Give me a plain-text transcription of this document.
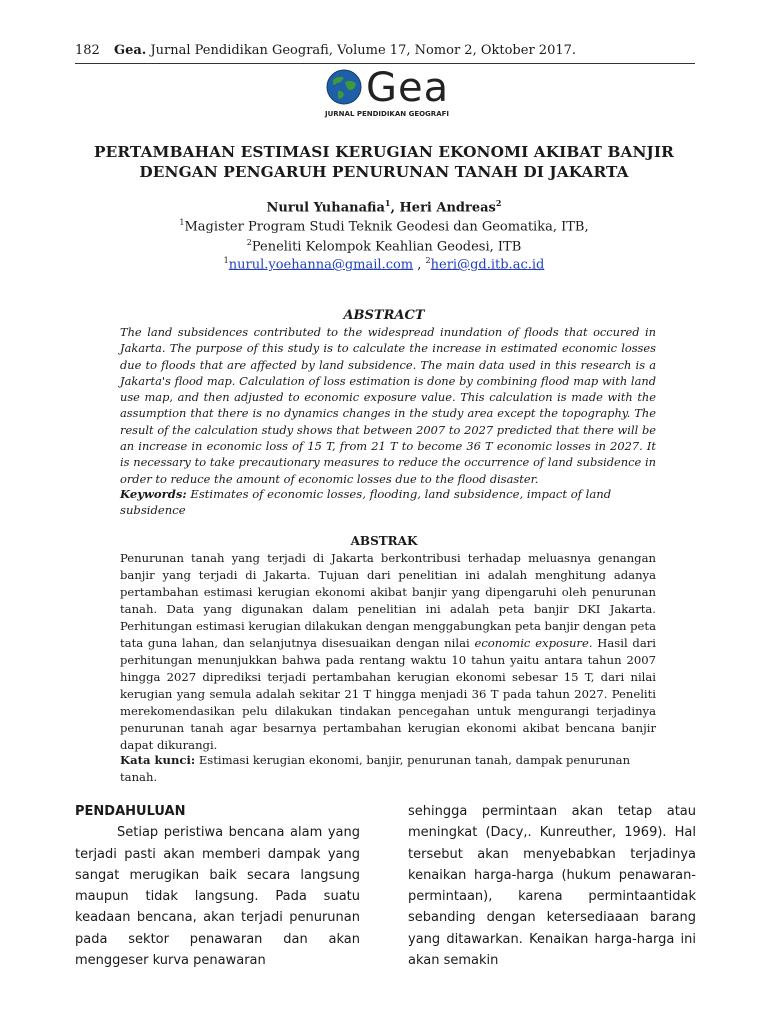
182 Gea. Jurnal Pendidikan Geografi, Volume 17, Nomor 2, Oktober 2017.
Gea
JURNAL PENDIDIKAN GEOGRAFI
PERTAMBAHAN ESTIMASI KERUGIAN EKONOMI AKIBAT BANJIR
DENGAN PENGARUH PENURUNAN TANAH DI JAKARTA
Nurul Yuhanafia$^1$, Heri Andreas$^2$
$^1$Magister Program Studi Teknik Geodesi dan Geomatika, ITB,
$^2$Peneliti Kelompok Keahlian Geodesi, ITB
$^1$nurul.yoehanna@gmail.com , $^2$heri@gd.itb.ac.id
ABSTRACT
The land subsidences contributed to the widespread inundation of floods that occured in Jakarta. The purpose of this study is to calculate the increase in estimated economic losses due to floods that are affected by land subsidence. The main data used in this research is a Jakarta's flood map. Calculation of loss estimation is done by combining flood map with land use map, and then adjusted to economic exposure value. This calculation is made with the assumption that there is no dynamics changes in the study area except the topography. The result of the calculation study shows that between 2007 to 2027 predicted that there will be an increase in economic loss of 15 T, from 21 T to become 36 T economic losses in 2027. It is necessary to take precautionary measures to reduce the occurrence of land subsidence in order to reduce the amount of economic losses due to the flood disaster.
Keywords: Estimates of economic losses, flooding, land subsidence, impact of land subsidence
ABSTRAK
Penurunan tanah yang terjadi di Jakarta berkontribusi terhadap meluasnya genangan banjir yang terjadi di Jakarta. Tujuan dari penelitian ini adalah menghitung adanya pertambahan estimasi kerugian ekonomi akibat banjir yang dipengaruhi oleh penurunan tanah. Data yang digunakan dalam penelitian ini adalah peta banjir DKI Jakarta. Perhitungan estimasi kerugian dilakukan dengan menggabungkan peta banjir dengan peta tata guna lahan, dan selanjutnya disesuaikan dengan nilai economic exposure. Hasil dari perhitungan menunjukkan bahwa pada rentang waktu 10 tahun yaitu antara tahun 2007 hingga 2027 diprediksi terjadi pertambahan kerugian ekonomi sebesar 15 T, dari nilai kerugian yang semula adalah sekitar 21 T hingga menjadi 36 T pada tahun 2027. Peneliti merekomendasikan pelu dilakukan tindakan pencegahan untuk mengurangi terjadinya penurunan tanah agar besarnya pertambahan kerugian ekonomi akibat bencana banjir dapat dikurangi.
Kata kunci: Estimasi kerugian ekonomi, banjir, penurunan tanah, dampak penurunan tanah.
PENDAHULUAN
Setiap peristiwa bencana alam yang terjadi pasti akan memberi dampak yang sangat merugikan baik secara langsung maupun tidak langsung. Pada suatu keadaan bencana, akan terjadi penurunan pada sektor penawaran dan akan menggeser kurva penawaran
sehingga permintaan akan tetap atau meningkat (Dacy,. Kunreuther, 1969). Hal tersebut akan menyebabkan terjadinya kenaikan harga-harga (hukum penawaran-permintaan), karena permintaantidak sebanding dengan ketersediaaan barang yang ditawarkan. Kenaikan harga-harga ini akan semakin
